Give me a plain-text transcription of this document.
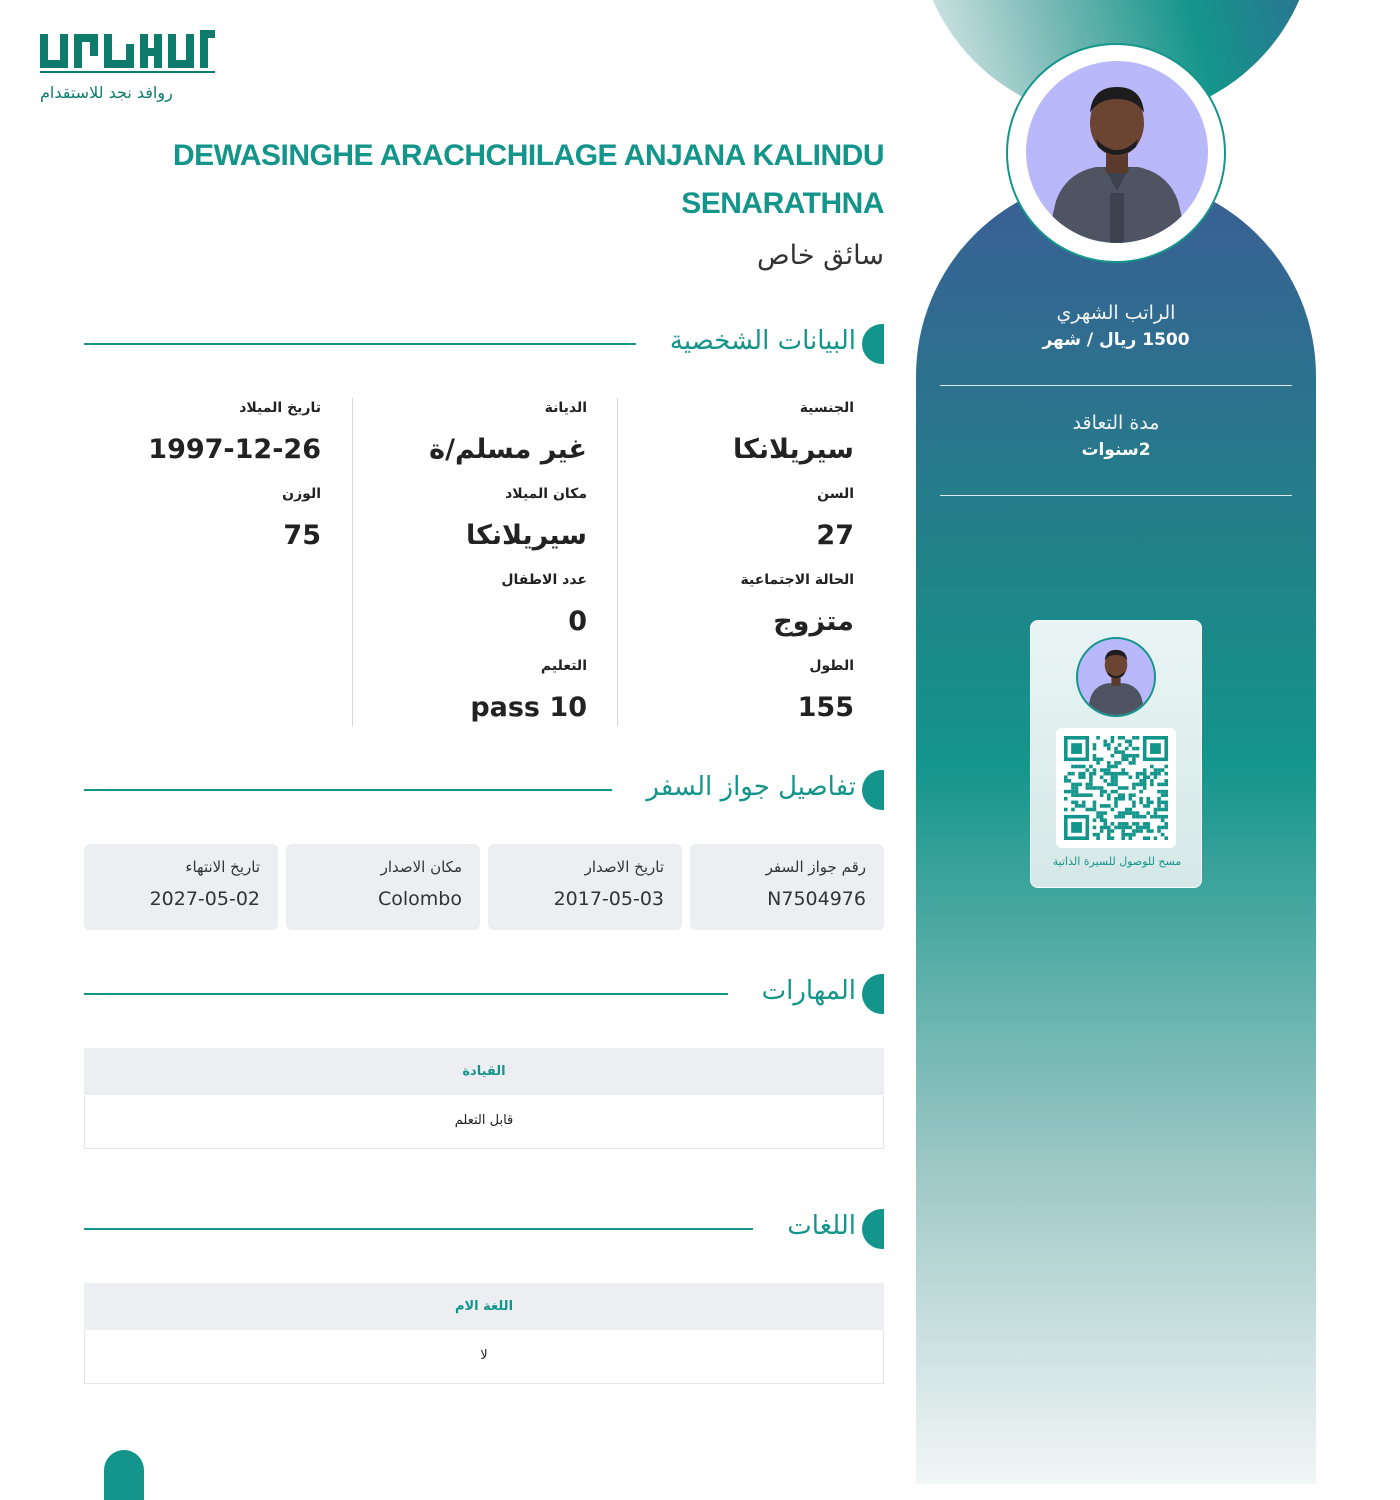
روافد نجد للاستقدام
DEWASINGHE ARACHCHILAGE ANJANA KALINDU SENARATHNA
سائق خاص
البيانات الشخصية
الجنسية
سيريلانكا
السن
27
الحالة الاجتماعية
متزوج
الطول
155
الديانة
غير مسلم/ة
مكان الميلاد
سيريلانكا
عدد الاطفال
0
التعليم
10 pass
تاريخ الميلاد
1997-12-26
الوزن
75
تفاصيل جواز السفر
رقم جواز السفر
N7504976
تاريخ الاصدار
2017-05-03
مكان الاصدار
Colombo
تاريخ الانتهاء
2027-05-02
المهارات
القيادة
قابل التعلم
اللغات
اللغة الام
لا
الراتب الشهري
1500 ريال / شهر
مدة التعاقد
2سنوات
مسح للوصول للسيرة الذاتية
